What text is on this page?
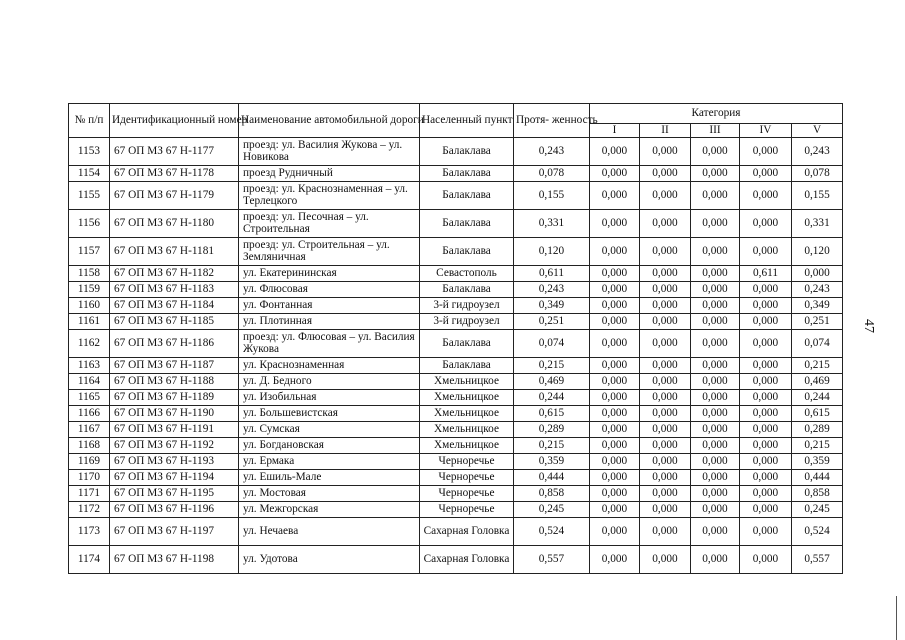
№ п/п	Идентификационный номер	Наименование автомобильной дороги	Населенный пункт	Протя- женность	Категория				
					I	II	III	IV	V
1153	67 ОП МЗ 67 Н-1177	проезд: ул. Василия Жукова – ул. Новикова	Балаклава	0,243	0,000	0,000	0,000	0,000	0,243
1154	67 ОП МЗ 67 Н-1178	проезд Рудничный	Балаклава	0,078	0,000	0,000	0,000	0,000	0,078
1155	67 ОП МЗ 67 Н-1179	проезд: ул. Краснознаменная – ул. Терлецкого	Балаклава	0,155	0,000	0,000	0,000	0,000	0,155
1156	67 ОП МЗ 67 Н-1180	проезд: ул. Песочная – ул. Строительная	Балаклава	0,331	0,000	0,000	0,000	0,000	0,331
1157	67 ОП МЗ 67 Н-1181	проезд: ул. Строительная – ул. Земляничная	Балаклава	0,120	0,000	0,000	0,000	0,000	0,120
1158	67 ОП МЗ 67 Н-1182	ул. Екатерининская	Севастополь	0,611	0,000	0,000	0,000	0,611	0,000
1159	67 ОП МЗ 67 Н-1183	ул. Флюсовая	Балаклава	0,243	0,000	0,000	0,000	0,000	0,243
1160	67 ОП МЗ 67 Н-1184	ул. Фонтанная	3-й гидроузел	0,349	0,000	0,000	0,000	0,000	0,349
1161	67 ОП МЗ 67 Н-1185	ул. Плотинная	3-й гидроузел	0,251	0,000	0,000	0,000	0,000	0,251
1162	67 ОП МЗ 67 Н-1186	проезд: ул. Флюсовая – ул. Василия Жукова	Балаклава	0,074	0,000	0,000	0,000	0,000	0,074
1163	67 ОП МЗ 67 Н-1187	ул. Краснознаменная	Балаклава	0,215	0,000	0,000	0,000	0,000	0,215
1164	67 ОП МЗ 67 Н-1188	ул. Д. Бедного	Хмельницкое	0,469	0,000	0,000	0,000	0,000	0,469
1165	67 ОП МЗ 67 Н-1189	ул. Изобильная	Хмельницкое	0,244	0,000	0,000	0,000	0,000	0,244
1166	67 ОП МЗ 67 Н-1190	ул. Большевистская	Хмельницкое	0,615	0,000	0,000	0,000	0,000	0,615
1167	67 ОП МЗ 67 Н-1191	ул. Сумская	Хмельницкое	0,289	0,000	0,000	0,000	0,000	0,289
1168	67 ОП МЗ 67 Н-1192	ул. Богдановская	Хмельницкое	0,215	0,000	0,000	0,000	0,000	0,215
1169	67 ОП МЗ 67 Н-1193	ул. Ермака	Черноречье	0,359	0,000	0,000	0,000	0,000	0,359
1170	67 ОП МЗ 67 Н-1194	ул. Ешиль-Мале	Черноречье	0,444	0,000	0,000	0,000	0,000	0,444
1171	67 ОП МЗ 67 Н-1195	ул. Мостовая	Черноречье	0,858	0,000	0,000	0,000	0,000	0,858
1172	67 ОП МЗ 67 Н-1196	ул. Межгорская	Черноречье	0,245	0,000	0,000	0,000	0,000	0,245
1173	67 ОП МЗ 67 Н-1197	ул. Нечаева	Сахарная Головка	0,524	0,000	0,000	0,000	0,000	0,524
1174	67 ОП МЗ 67 Н-1198	ул. Удотова	Сахарная Головка	0,557	0,000	0,000	0,000	0,000	0,557
47
